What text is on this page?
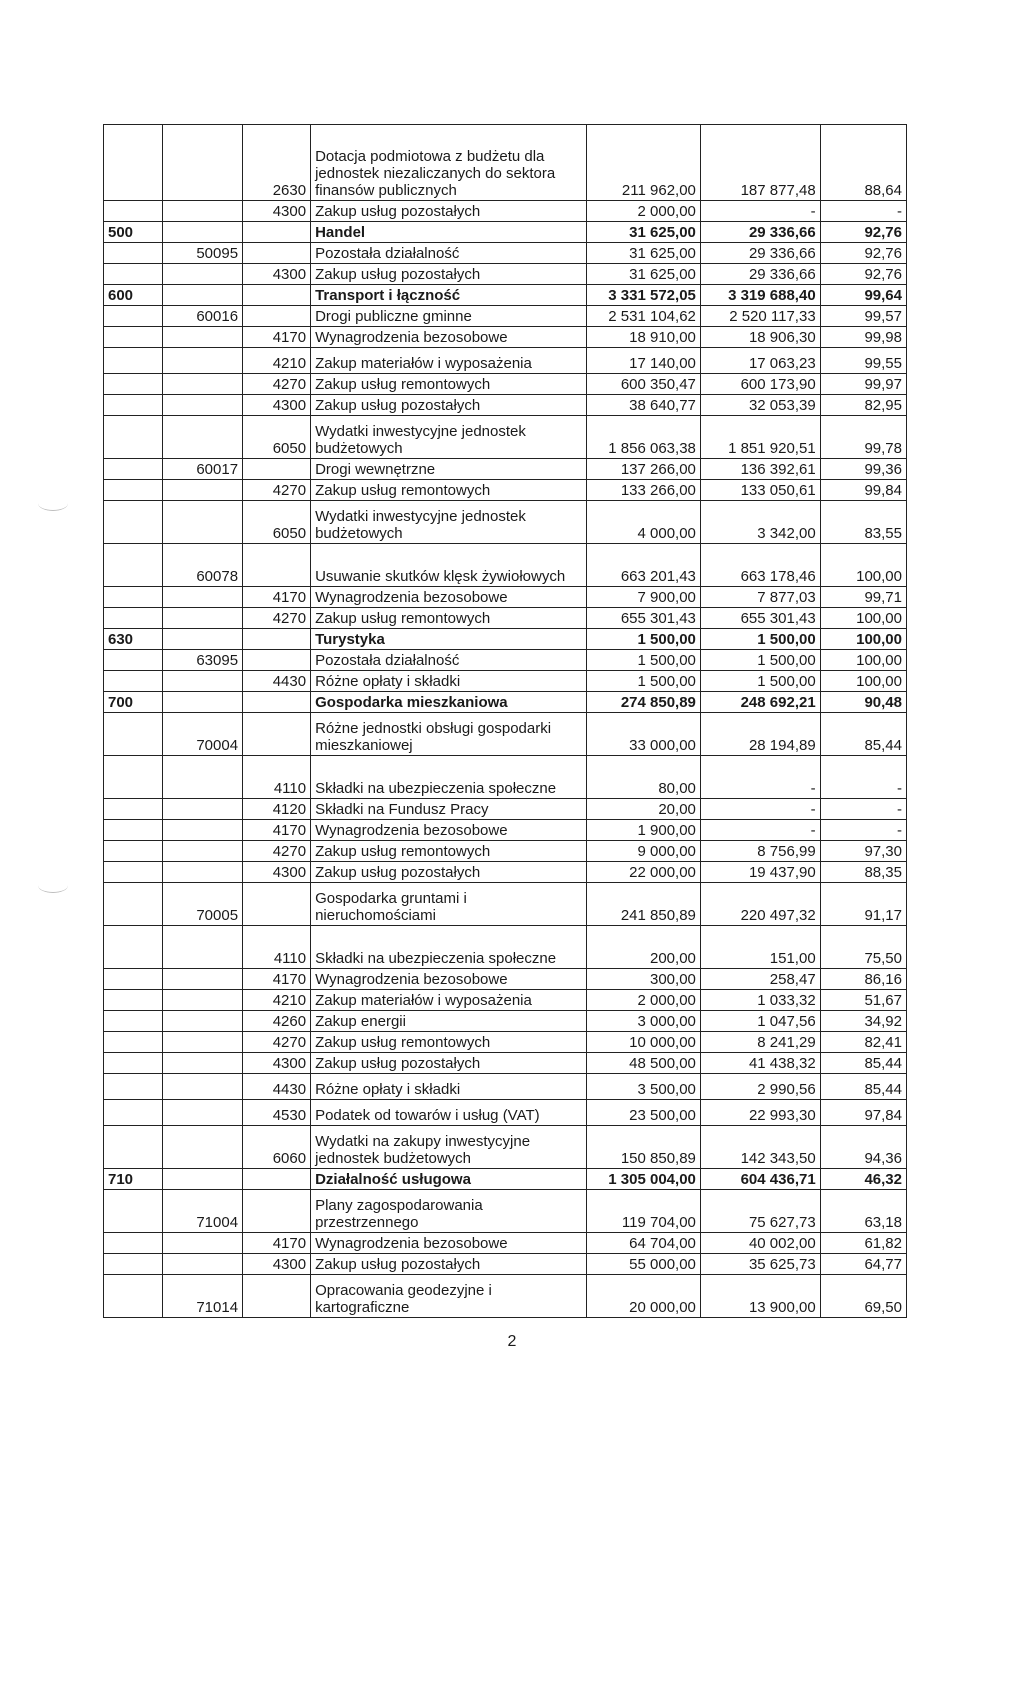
		2630	Dotacja podmiotowa z budżetu dla jednostek niezaliczanych do sektora finansów publicznych	211 962,00	187 877,48	88,64
		4300	Zakup usług pozostałych	2 000,00	-	-
500			Handel	31 625,00	29 336,66	92,76
	50095		Pozostała działalność	31 625,00	29 336,66	92,76
		4300	Zakup usług pozostałych	31 625,00	29 336,66	92,76
600			Transport i łączność	3 331 572,05	3 319 688,40	99,64
	60016		Drogi publiczne gminne	2 531 104,62	2 520 117,33	99,57
		4170	Wynagrodzenia bezosobowe	18 910,00	18 906,30	99,98
		4210	Zakup materiałów i wyposażenia	17 140,00	17 063,23	99,55
		4270	Zakup usług remontowych	600 350,47	600 173,90	99,97
		4300	Zakup usług pozostałych	38 640,77	32 053,39	82,95
		6050	Wydatki inwestycyjne jednostek budżetowych	1 856 063,38	1 851 920,51	99,78
	60017		Drogi wewnętrzne	137 266,00	136 392,61	99,36
		4270	Zakup usług remontowych	133 266,00	133 050,61	99,84
		6050	Wydatki inwestycyjne jednostek budżetowych	4 000,00	3 342,00	83,55
	60078		Usuwanie skutków klęsk żywiołowych	663 201,43	663 178,46	100,00
		4170	Wynagrodzenia bezosobowe	7 900,00	7 877,03	99,71
		4270	Zakup usług remontowych	655 301,43	655 301,43	100,00
630			Turystyka	1 500,00	1 500,00	100,00
	63095		Pozostała działalność	1 500,00	1 500,00	100,00
		4430	Różne opłaty i składki	1 500,00	1 500,00	100,00
700			Gospodarka mieszkaniowa	274 850,89	248 692,21	90,48
	70004		Różne jednostki obsługi gospodarki mieszkaniowej	33 000,00	28 194,89	85,44
		4110	Składki na ubezpieczenia społeczne	80,00	-	-
		4120	Składki na Fundusz Pracy	20,00	-	-
		4170	Wynagrodzenia bezosobowe	1 900,00	-	-
		4270	Zakup usług remontowych	9 000,00	8 756,99	97,30
		4300	Zakup usług pozostałych	22 000,00	19 437,90	88,35
	70005		Gospodarka gruntami i nieruchomościami	241 850,89	220 497,32	91,17
		4110	Składki na ubezpieczenia społeczne	200,00	151,00	75,50
		4170	Wynagrodzenia bezosobowe	300,00	258,47	86,16
		4210	Zakup materiałów i wyposażenia	2 000,00	1 033,32	51,67
		4260	Zakup energii	3 000,00	1 047,56	34,92
		4270	Zakup usług remontowych	10 000,00	8 241,29	82,41
		4300	Zakup usług pozostałych	48 500,00	41 438,32	85,44
		4430	Różne opłaty i składki	3 500,00	2 990,56	85,44
		4530	Podatek od towarów i usług (VAT)	23 500,00	22 993,30	97,84
		6060	Wydatki na zakupy inwestycyjne jednostek budżetowych	150 850,89	142 343,50	94,36
710			Działalność usługowa	1 305 004,00	604 436,71	46,32
	71004		Plany zagospodarowania przestrzennego	119 704,00	75 627,73	63,18
		4170	Wynagrodzenia bezosobowe	64 704,00	40 002,00	61,82
		4300	Zakup usług pozostałych	55 000,00	35 625,73	64,77
	71014		Opracowania geodezyjne i kartograficzne	20 000,00	13 900,00	69,50
2
